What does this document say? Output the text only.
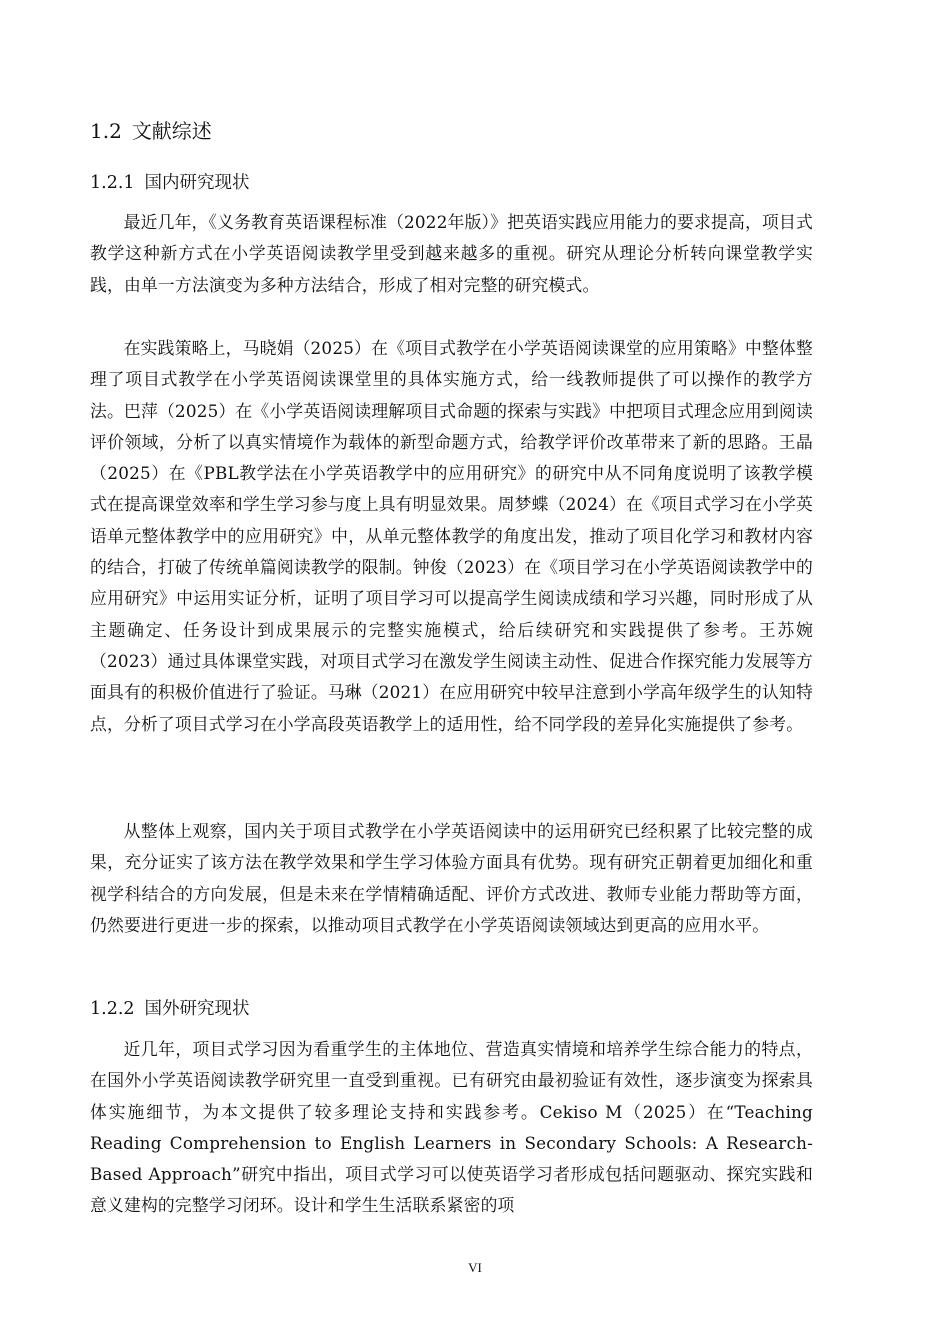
1.2 文献综述
1.2.1 国内研究现状

最近几年，《义务教育英语课程标准（2022年版）》把英语实践应用能力的要求提高，项目式教学这种新方式在小学英语阅读教学里受到越来越多的重视。研究从理论分析转向课堂教学实践，由单一方法演变为多种方法结合，形成了相对完整的研究模式。

在实践策略上，马晓娟（2025）在《项目式教学在小学英语阅读课堂的应用策略》中整体整理了项目式教学在小学英语阅读课堂里的具体实施方式，给一线教师提供了可以操作的教学方法。巴萍（2025）在《小学英语阅读理解项目式命题的探索与实践》中把项目式理念应用到阅读评价领域，分析了以真实情境作为载体的新型命题方式，给教学评价改革带来了新的思路。王晶（2025）在《PBL教学法在小学英语教学中的应用研究》的研究中从不同角度说明了该教学模式在提高课堂效率和学生学习参与度上具有明显效果。周梦蝶（2024）在《项目式学习在小学英语单元整体教学中的应用研究》中，从单元整体教学的角度出发，推动了项目化学习和教材内容的结合，打破了传统单篇阅读教学的限制。钟俊（2023）在《项目学习在小学英语阅读教学中的应用研究》中运用实证分析，证明了项目学习可以提高学生阅读成绩和学习兴趣，同时形成了从主题确定、任务设计到成果展示的完整实施模式，给后续研究和实践提供了参考。王苏婉（2023）通过具体课堂实践，对项目式学习在激发学生阅读主动性、促进合作探究能力发展等方面具有的积极价值进行了验证。马琳（2021）在应用研究中较早注意到小学高年级学生的认知特点，分析了项目式学习在小学高段英语教学上的适用性，给不同学段的差异化实施提供了参考。

从整体上观察，国内关于项目式教学在小学英语阅读中的运用研究已经积累了比较完整的成果，充分证实了该方法在教学效果和学生学习体验方面具有优势。现有研究正朝着更加细化和重视学科结合的方向发展，但是未来在学情精确适配、评价方式改进、教师专业能力帮助等方面，仍然要进行更进一步的探索，以推动项目式教学在小学英语阅读领域达到更高的应用水平。

1.2.2 国外研究现状

近几年，项目式学习因为看重学生的主体地位、营造真实情境和培养学生综合能力的特点，在国外小学英语阅读教学研究里一直受到重视。已有研究由最初验证有效性，逐步演变为探索具体实施细节，为本文提供了较多理论支持和实践参考。Cekiso M（2025）在“Teaching Reading Comprehension to English Learners in Secondary Schools: A Research-Based Approach”研究中指出，项目式学习可以使英语学习者形成包括问题驱动、探究实践和意义建构的完整学习闭环。设计和学生生活联系紧密的项

VI
